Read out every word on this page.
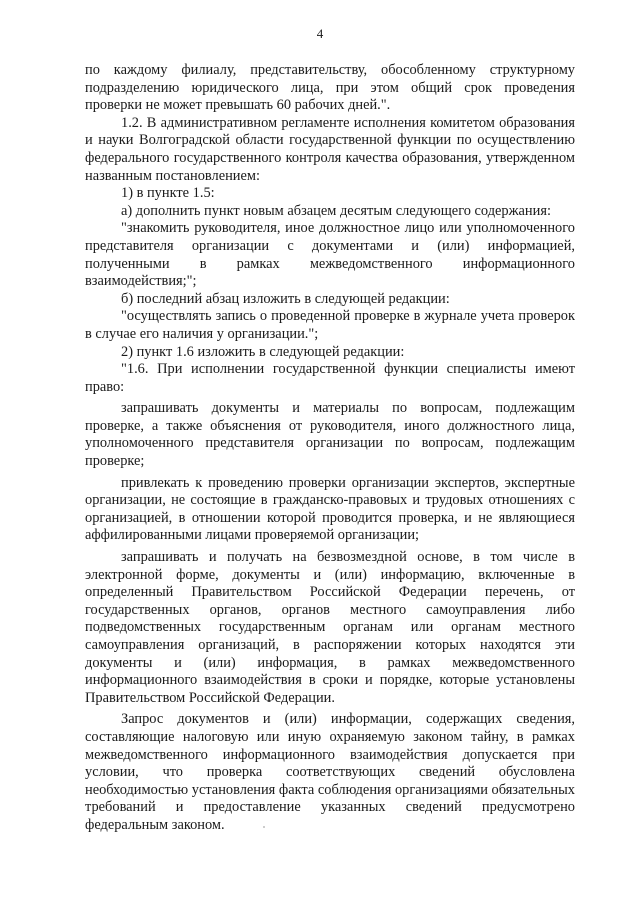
4

по каждому филиалу, представительству, обособленному структурному подразделению юридического лица, при этом общий срок проведения проверки не может превышать 60 рабочих дней.".

1.2. В административном регламенте исполнения комитетом образования и науки Волгоградской области государственной функции по осуществлению федерального государственного контроля качества образования, утвержденном названным постановлением:

1) в пункте 1.5:

а) дополнить пункт новым абзацем десятым следующего содержания:

"знакомить руководителя, иное должностное лицо или уполномоченного представителя организации с документами и (или) информацией, полученными в рамках межведомственного информационного взаимодействия;";

б) последний абзац изложить в следующей редакции:

"осуществлять запись о проведенной проверке в журнале учета проверок в случае его наличия у организации.";

2) пункт 1.6 изложить в следующей редакции:

"1.6. При исполнении государственной функции специалисты имеют право:

запрашивать документы и материалы по вопросам, подлежащим проверке, а также объяснения от руководителя, иного должностного лица, уполномоченного представителя организации по вопросам, подлежащим проверке;

привлекать к проведению проверки организации экспертов, экспертные организации, не состоящие в гражданско-правовых и трудовых отношениях с организацией, в отношении которой проводится проверка, и не являющиеся аффилированными лицами проверяемой организации;

запрашивать и получать на безвозмездной основе, в том числе в электронной форме, документы и (или) информацию, включенные в определенный Правительством Российской Федерации перечень, от государственных органов, органов местного самоуправления либо подведомственных государственным органам или органам местного самоуправления организаций, в распоряжении которых находятся эти документы и (или) информация, в рамках межведомственного информационного взаимодействия в сроки и порядке, которые установлены Правительством Российской Федерации.

Запрос документов и (или) информации, содержащих сведения, составляющие налоговую или иную охраняемую законом тайну, в рамках межведомственного информационного взаимодействия допускается при условии, что проверка соответствующих сведений обусловлена необходимостью установления факта соблюдения организациями обязательных требований и предоставление указанных сведений предусмотрено федеральным законом.
